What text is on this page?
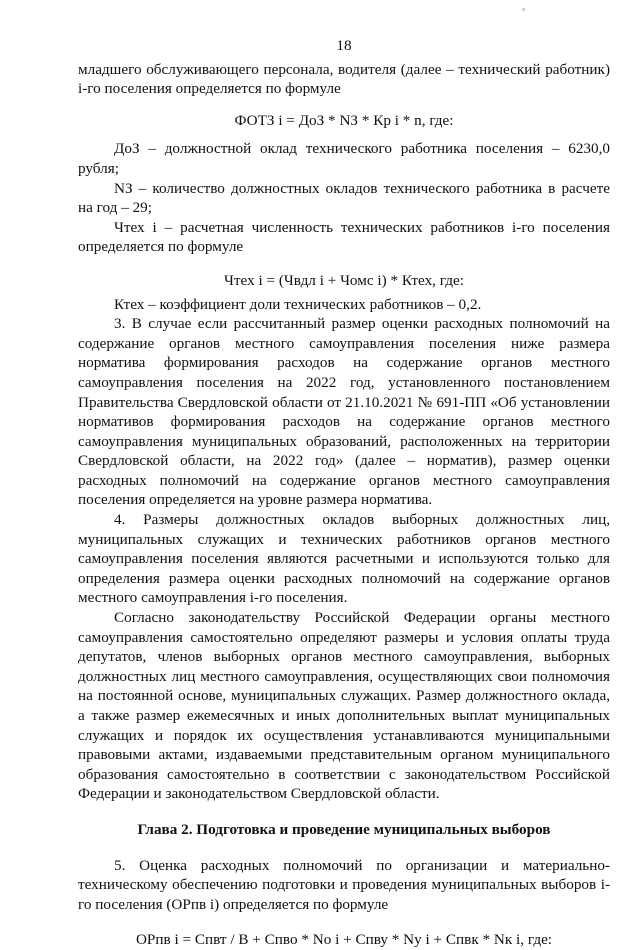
18

младшего обслуживающего персонала, водителя (далее – технический работник) i-го поселения определяется по формуле

ФОТЗ i = ДоЗ * NЗ * Кр i * n, где:

ДоЗ – должностной оклад технического работника поселения – 6230,0 рубля;

NЗ – количество должностных окладов технического работника в расчете на год – 29;

Чтех i – расчетная численность технических работников i-го поселения определяется по формуле

Чтех i = (Чвдл i + Чомс i) * Ктех, где:

Ктех – коэффициент доли технических работников – 0,2.

3. В случае если рассчитанный размер оценки расходных полномочий на содержание органов местного самоуправления поселения ниже размера норматива формирования расходов на содержание органов местного самоуправления поселения на 2022 год, установленного постановлением Правительства Свердловской области от 21.10.2021 № 691-ПП «Об установлении нормативов формирования расходов на содержание органов местного самоуправления муниципальных образований, расположенных на территории Свердловской области, на 2022 год» (далее – норматив), размер оценки расходных полномочий на содержание органов местного самоуправления поселения определяется на уровне размера норматива.

4. Размеры должностных окладов выборных должностных лиц, муниципальных служащих и технических работников органов местного самоуправления поселения являются расчетными и используются только для определения размера оценки расходных полномочий на содержание органов местного самоуправления i-го поселения.

Согласно законодательству Российской Федерации органы местного самоуправления самостоятельно определяют размеры и условия оплаты труда депутатов, членов выборных органов местного самоуправления, выборных должностных лиц местного самоуправления, осуществляющих свои полномочия на постоянной основе, муниципальных служащих. Размер должностного оклада, а также размер ежемесячных и иных дополнительных выплат муниципальных служащих и порядок их осуществления устанавливаются муниципальными правовыми актами, издаваемыми представительным органом муниципального образования самостоятельно в соответствии с законодательством Российской Федерации и законодательством Свердловской области.

Глава 2. Подготовка и проведение муниципальных выборов

5. Оценка расходных полномочий по организации и материально-техническому обеспечению подготовки и проведения муниципальных выборов i-го поселения (ОРпв i) определяется по формуле

ОРпв i = Спвт / В + Спво * Nо i + Спву * Nу i + Спвк * Nк i, где:
